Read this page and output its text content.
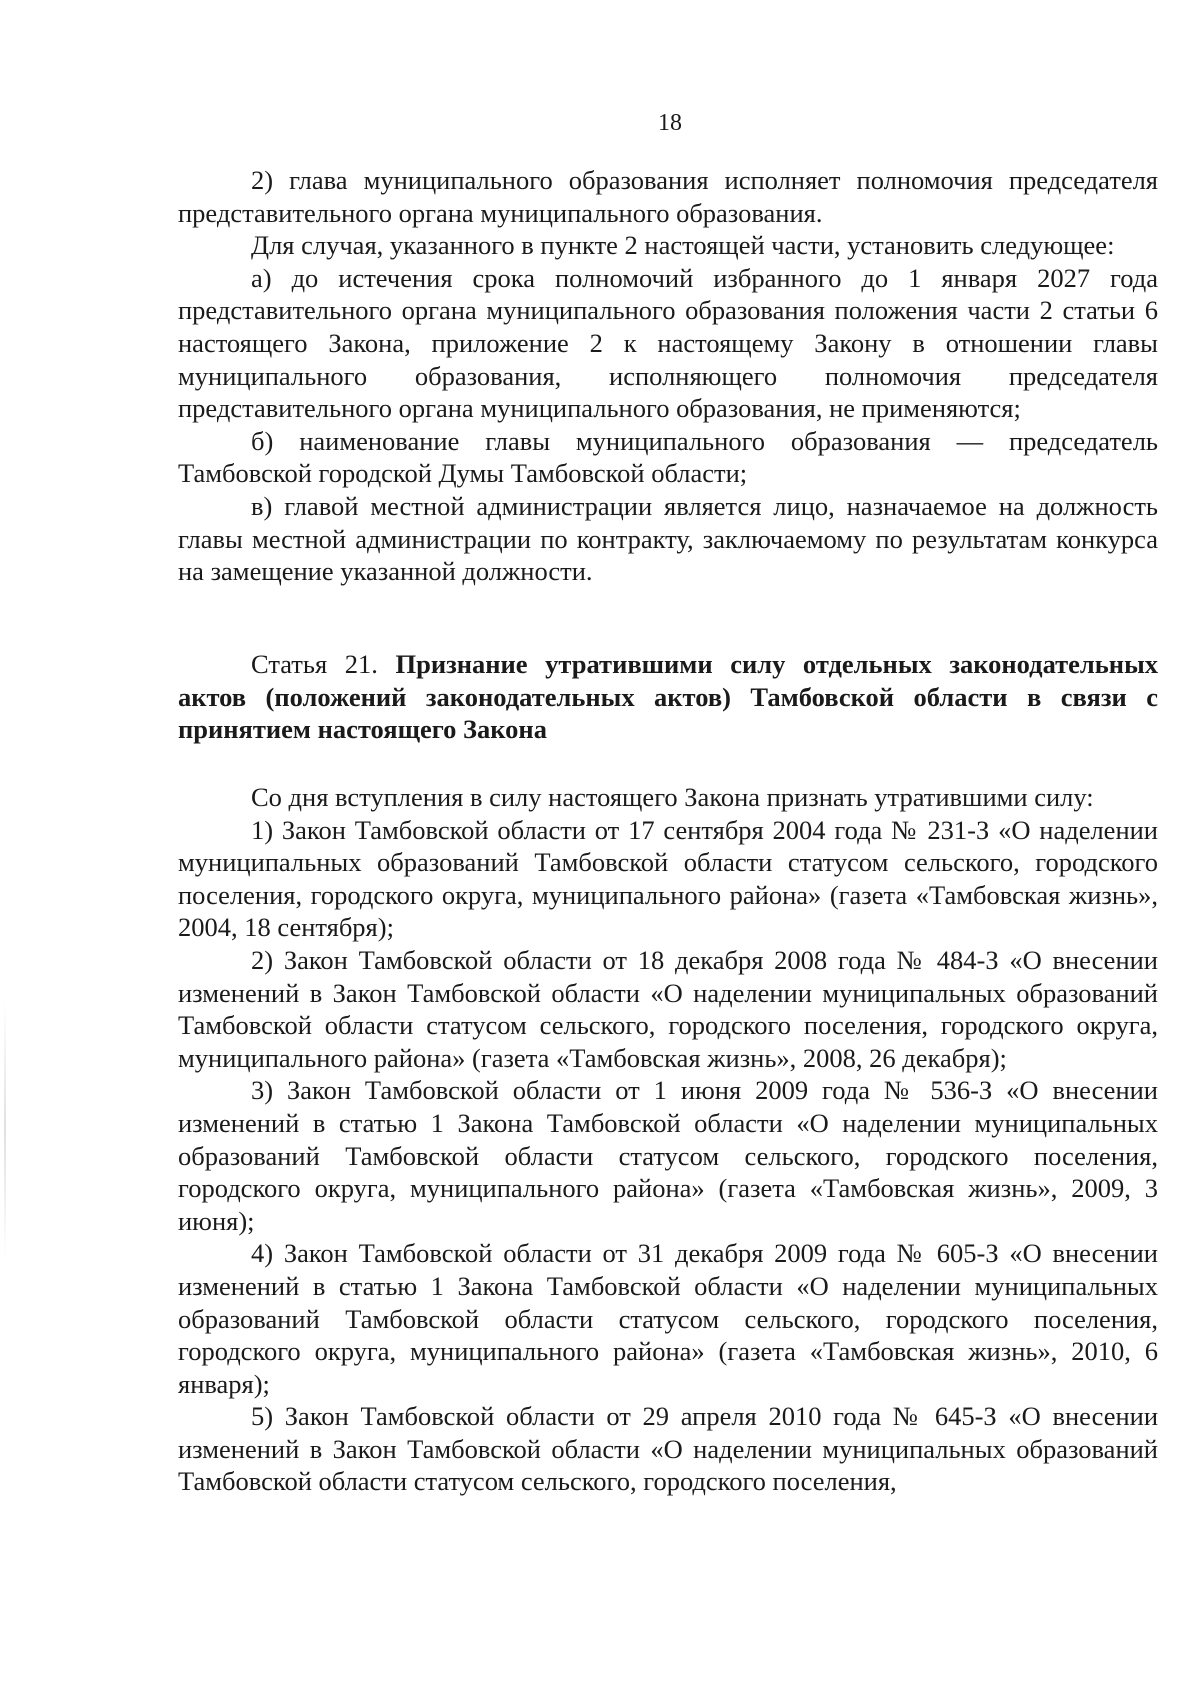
18

2) глава муниципального образования исполняет полномочия председателя представительного органа муниципального образования.

Для случая, указанного в пункте 2 настоящей части, установить следующее:

а) до истечения срока полномочий избранного до 1 января 2027 года представительного органа муниципального образования положения части 2 статьи 6 настоящего Закона, приложение 2 к настоящему Закону в отношении главы муниципального образования, исполняющего полномочия председателя представительного органа муниципального образования, не применяются;

б) наименование главы муниципального образования — председатель Тамбовской городской Думы Тамбовской области;

в) главой местной администрации является лицо, назначаемое на должность главы местной администрации по контракту, заключаемому по результатам конкурса на замещение указанной должности.

Статья 21. Признание утратившими силу отдельных законодательных актов (положений законодательных актов) Тамбовской области в связи с принятием настоящего Закона

Со дня вступления в силу настоящего Закона признать утратившими силу:

1) Закон Тамбовской области от 17 сентября 2004 года № 231-З «О наделении муниципальных образований Тамбовской области статусом сельского, городского поселения, городского округа, муниципального района» (газета «Тамбовская жизнь», 2004, 18 сентября);

2) Закон Тамбовской области от 18 декабря 2008 года № 484-З «О внесении изменений в Закон Тамбовской области «О наделении муниципальных образований Тамбовской области статусом сельского, городского поселения, городского округа, муниципального района» (газета «Тамбовская жизнь», 2008, 26 декабря);

3) Закон Тамбовской области от 1 июня 2009 года № 536-З «О внесении изменений в статью 1 Закона Тамбовской области «О наделении муниципальных образований Тамбовской области статусом сельского, городского поселения, городского округа, муниципального района» (газета «Тамбовская жизнь», 2009, 3 июня);

4) Закон Тамбовской области от 31 декабря 2009 года № 605-З «О внесении изменений в статью 1 Закона Тамбовской области «О наделении муниципальных образований Тамбовской области статусом сельского, городского поселения, городского округа, муниципального района» (газета «Тамбовская жизнь», 2010, 6 января);

5) Закон Тамбовской области от 29 апреля 2010 года № 645-З «О внесении изменений в Закон Тамбовской области «О наделении муниципальных образований Тамбовской области статусом сельского, городского поселения,
